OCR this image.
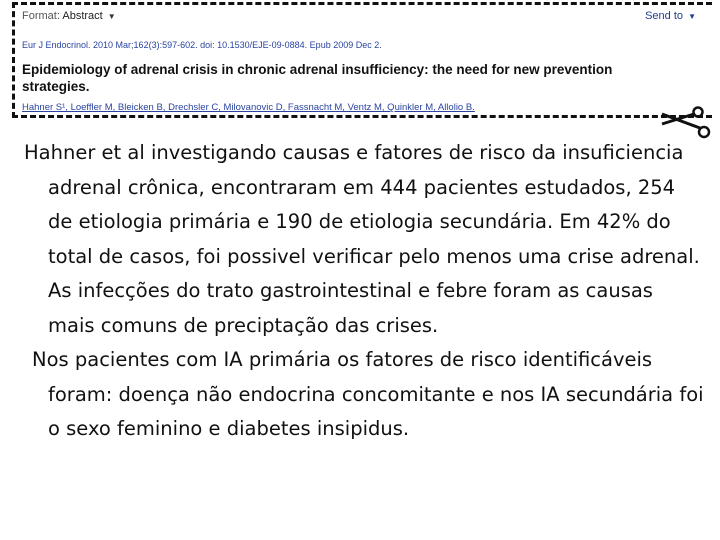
Format: Abstract ▼	Send to ▼
Eur J Endocrinol. 2010 Mar;162(3):597-602. doi: 10.1530/EJE-09-0884. Epub 2009 Dec 2.
Epidemiology of adrenal crisis in chronic adrenal insufficiency: the need for new prevention strategies.
Hahner S¹, Loeffler M, Bleicken B, Drechsler C, Milovanovic D, Fassnacht M, Ventz M, Quinkler M, Allolio B.

Hahner et al investigando causas e fatores de risco da insuficiencia adrenal crônica, encontraram em 444 pacientes estudados, 254 de etiologia primária e 190 de etiologia secundária. Em 42% do total de casos, foi possivel verificar pelo menos uma crise adrenal. As infecções do trato gastrointestinal e febre foram as causas mais comuns de preciptação das crises.

Nos pacientes com IA primária os fatores de risco identificáveis foram: doença não endocrina concomitante e nos IA secundária foi o sexo feminino e diabetes insipidus.
